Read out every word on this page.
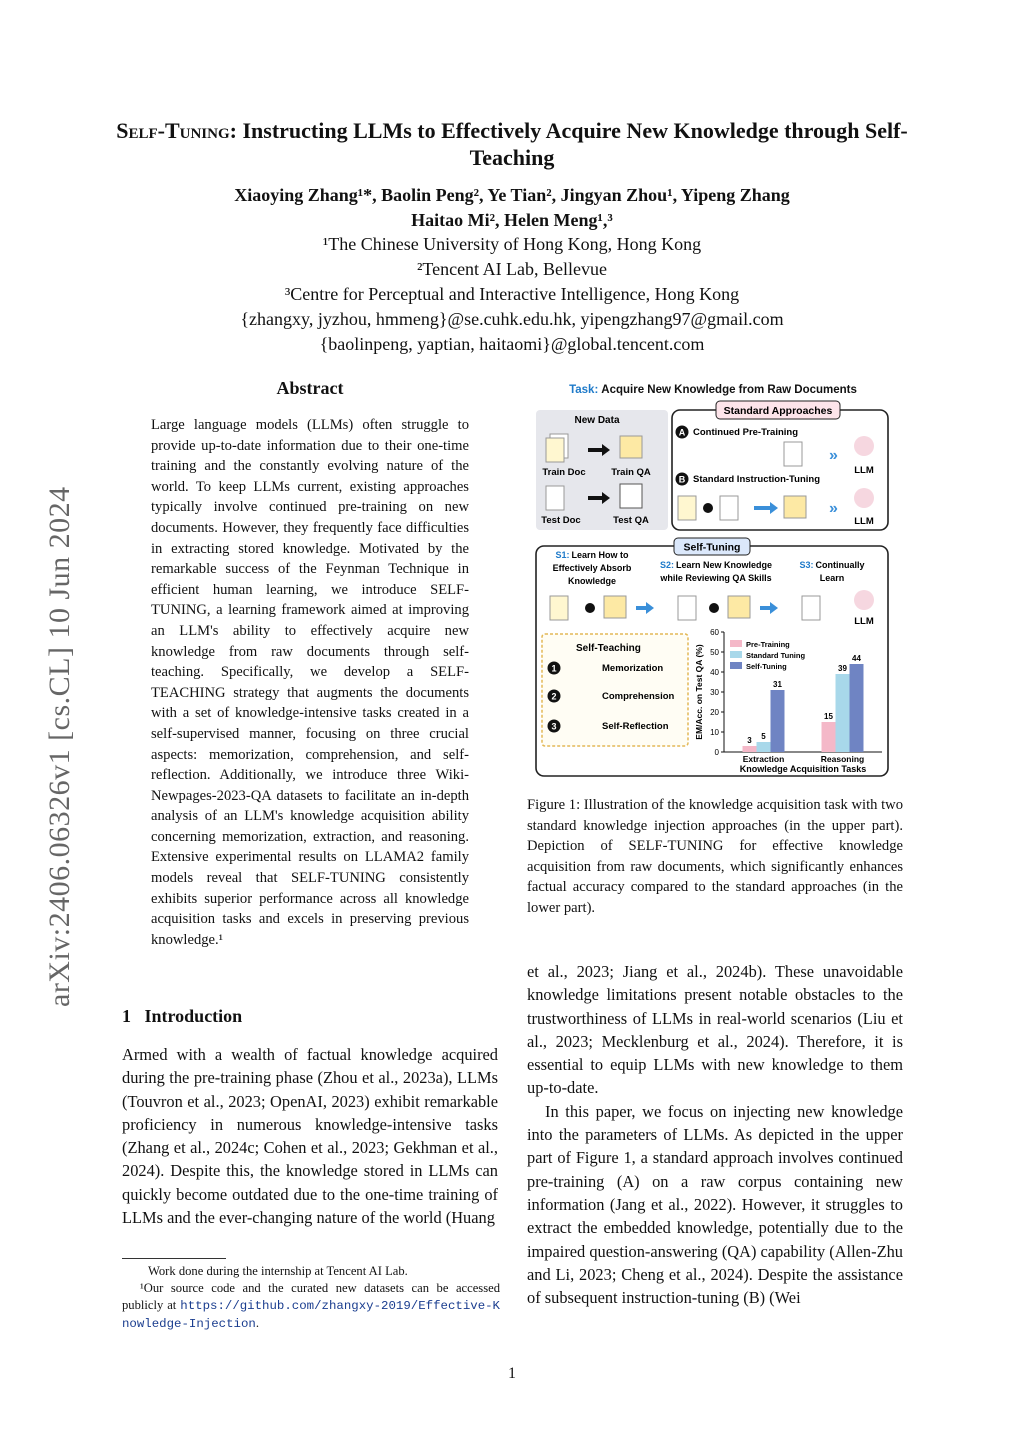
arXiv:2406.06326v1 [cs.CL] 10 Jun 2024
Self-Tuning: Instructing LLMs to Effectively Acquire New Knowledge through Self-Teaching
Xiaoying Zhang¹*, Baolin Peng², Ye Tian², Jingyan Zhou¹, Yipeng Zhang
Haitao Mi², Helen Meng¹,³
¹The Chinese University of Hong Kong, Hong Kong
²Tencent AI Lab, Bellevue
³Centre for Perceptual and Interactive Intelligence, Hong Kong
{zhangxy, jyzhou, hmmeng}@se.cuhk.edu.hk, yipengzhang97@gmail.com
{baolinpeng, yaptian, haitaomi}@global.tencent.com
Abstract
Large language models (LLMs) often struggle to provide up-to-date information due to their one-time training and the constantly evolving nature of the world. To keep LLMs current, existing approaches typically involve continued pre-training on new documents. However, they frequently face difficulties in extracting stored knowledge. Motivated by the remarkable success of the Feynman Technique in efficient human learning, we introduce SELF-TUNING, a learning framework aimed at improving an LLM's ability to effectively acquire new knowledge from raw documents through self-teaching. Specifically, we develop a SELF-TEACHING strategy that augments the documents with a set of knowledge-intensive tasks created in a self-supervised manner, focusing on three crucial aspects: memorization, comprehension, and self-reflection. Additionally, we introduce three Wiki-Newpages-2023-QA datasets to facilitate an in-depth analysis of an LLM's knowledge acquisition ability concerning memorization, extraction, and reasoning. Extensive experimental results on LLAMA2 family models reveal that SELF-TUNING consistently exhibits superior performance across all knowledge acquisition tasks and excels in preserving previous knowledge.¹
1 Introduction
Armed with a wealth of factual knowledge acquired during the pre-training phase (Zhou et al., 2023a), LLMs (Touvron et al., 2023; OpenAI, 2023) exhibit remarkable proficiency in numerous knowledge-intensive tasks (Zhang et al., 2024c; Cohen et al., 2023; Gekhman et al., 2024). Despite this, the knowledge stored in LLMs can quickly become outdated due to the one-time training of LLMs and the ever-changing nature of the world (Huang
Work done during the internship at Tencent AI Lab.
¹Our source code and the curated new datasets can be accessed publicly at https://github.com/zhangxy-2019/Effective-Knowledge-Injection.
Task: Acquire New Knowledge from Raw Documents
New Data
Train Doc	Train QA
Test Doc	Test QA
Standard Approaches
A Continued Pre-Training
»
LLM
B Standard Instruction-Tuning
»
LLM
Self-Tuning
S1: Learn How to
Effectively Absorb
Knowledge
S2: Learn New Knowledge
while Reviewing QA Skills
S3: Continually
Learn
LLM
Self-Teaching
1	Memorization
2	Comprehension
3	Self-Reflection
0
10
20
30
40
50
60
EM/Acc. on Test QA (%)
3 5
31
Extraction
15
39
44
Reasoning
Knowledge Acquisition Tasks
Pre-Training
Standard Tuning
Self-Tuning
Figure 1: Illustration of the knowledge acquisition task with two standard knowledge injection approaches (in the upper part). Depiction of SELF-TUNING for effective knowledge acquisition from raw documents, which significantly enhances factual accuracy compared to the standard approaches (in the lower part).

et al., 2023; Jiang et al., 2024b). These unavoidable knowledge limitations present notable obstacles to the trustworthiness of LLMs in real-world scenarios (Liu et al., 2023; Mecklenburg et al., 2024). Therefore, it is essential to equip LLMs with new knowledge to them up-to-date.

In this paper, we focus on injecting new knowledge into the parameters of LLMs. As depicted in the upper part of Figure 1, a standard approach involves continued pre-training (A) on a raw corpus containing new information (Jang et al., 2022). However, it struggles to extract the embedded knowledge, potentially due to the impaired question-answering (QA) capability (Allen-Zhu and Li, 2023; Cheng et al., 2024). Despite the assistance of subsequent instruction-tuning (B) (Wei

1
